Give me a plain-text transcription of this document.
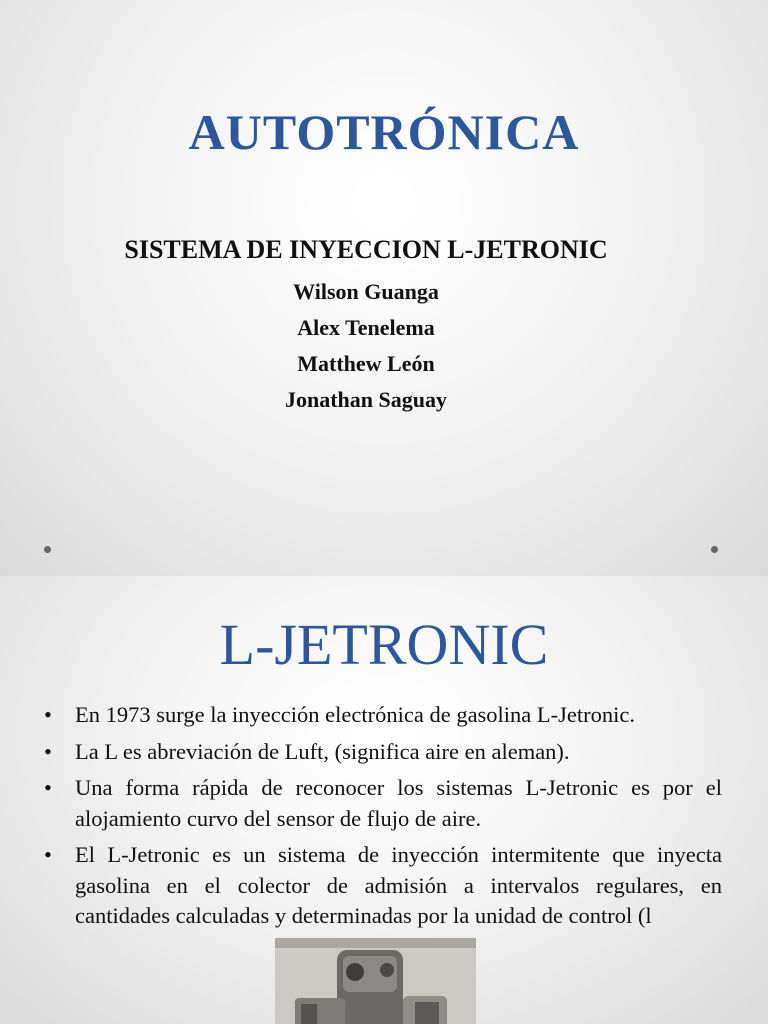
AUTOTRÓNICA
SISTEMA DE INYECCION L-JETRONIC
Wilson Guanga
Alex Tenelema
Matthew León
Jonathan Saguay
L-JETRONIC
• En 1973 surge la inyección electrónica de gasolina L-Jetronic.
• La L es abreviación de Luft, (significa aire en aleman).
• Una forma rápida de reconocer los sistemas L-Jetronic es por el alojamiento curvo del sensor de flujo de aire.
• El L-Jetronic es un sistema de inyección intermitente que inyecta gasolina en el colector de admisión a intervalos regulares, en cantidades calculadas y determinadas por la unidad de control (l
